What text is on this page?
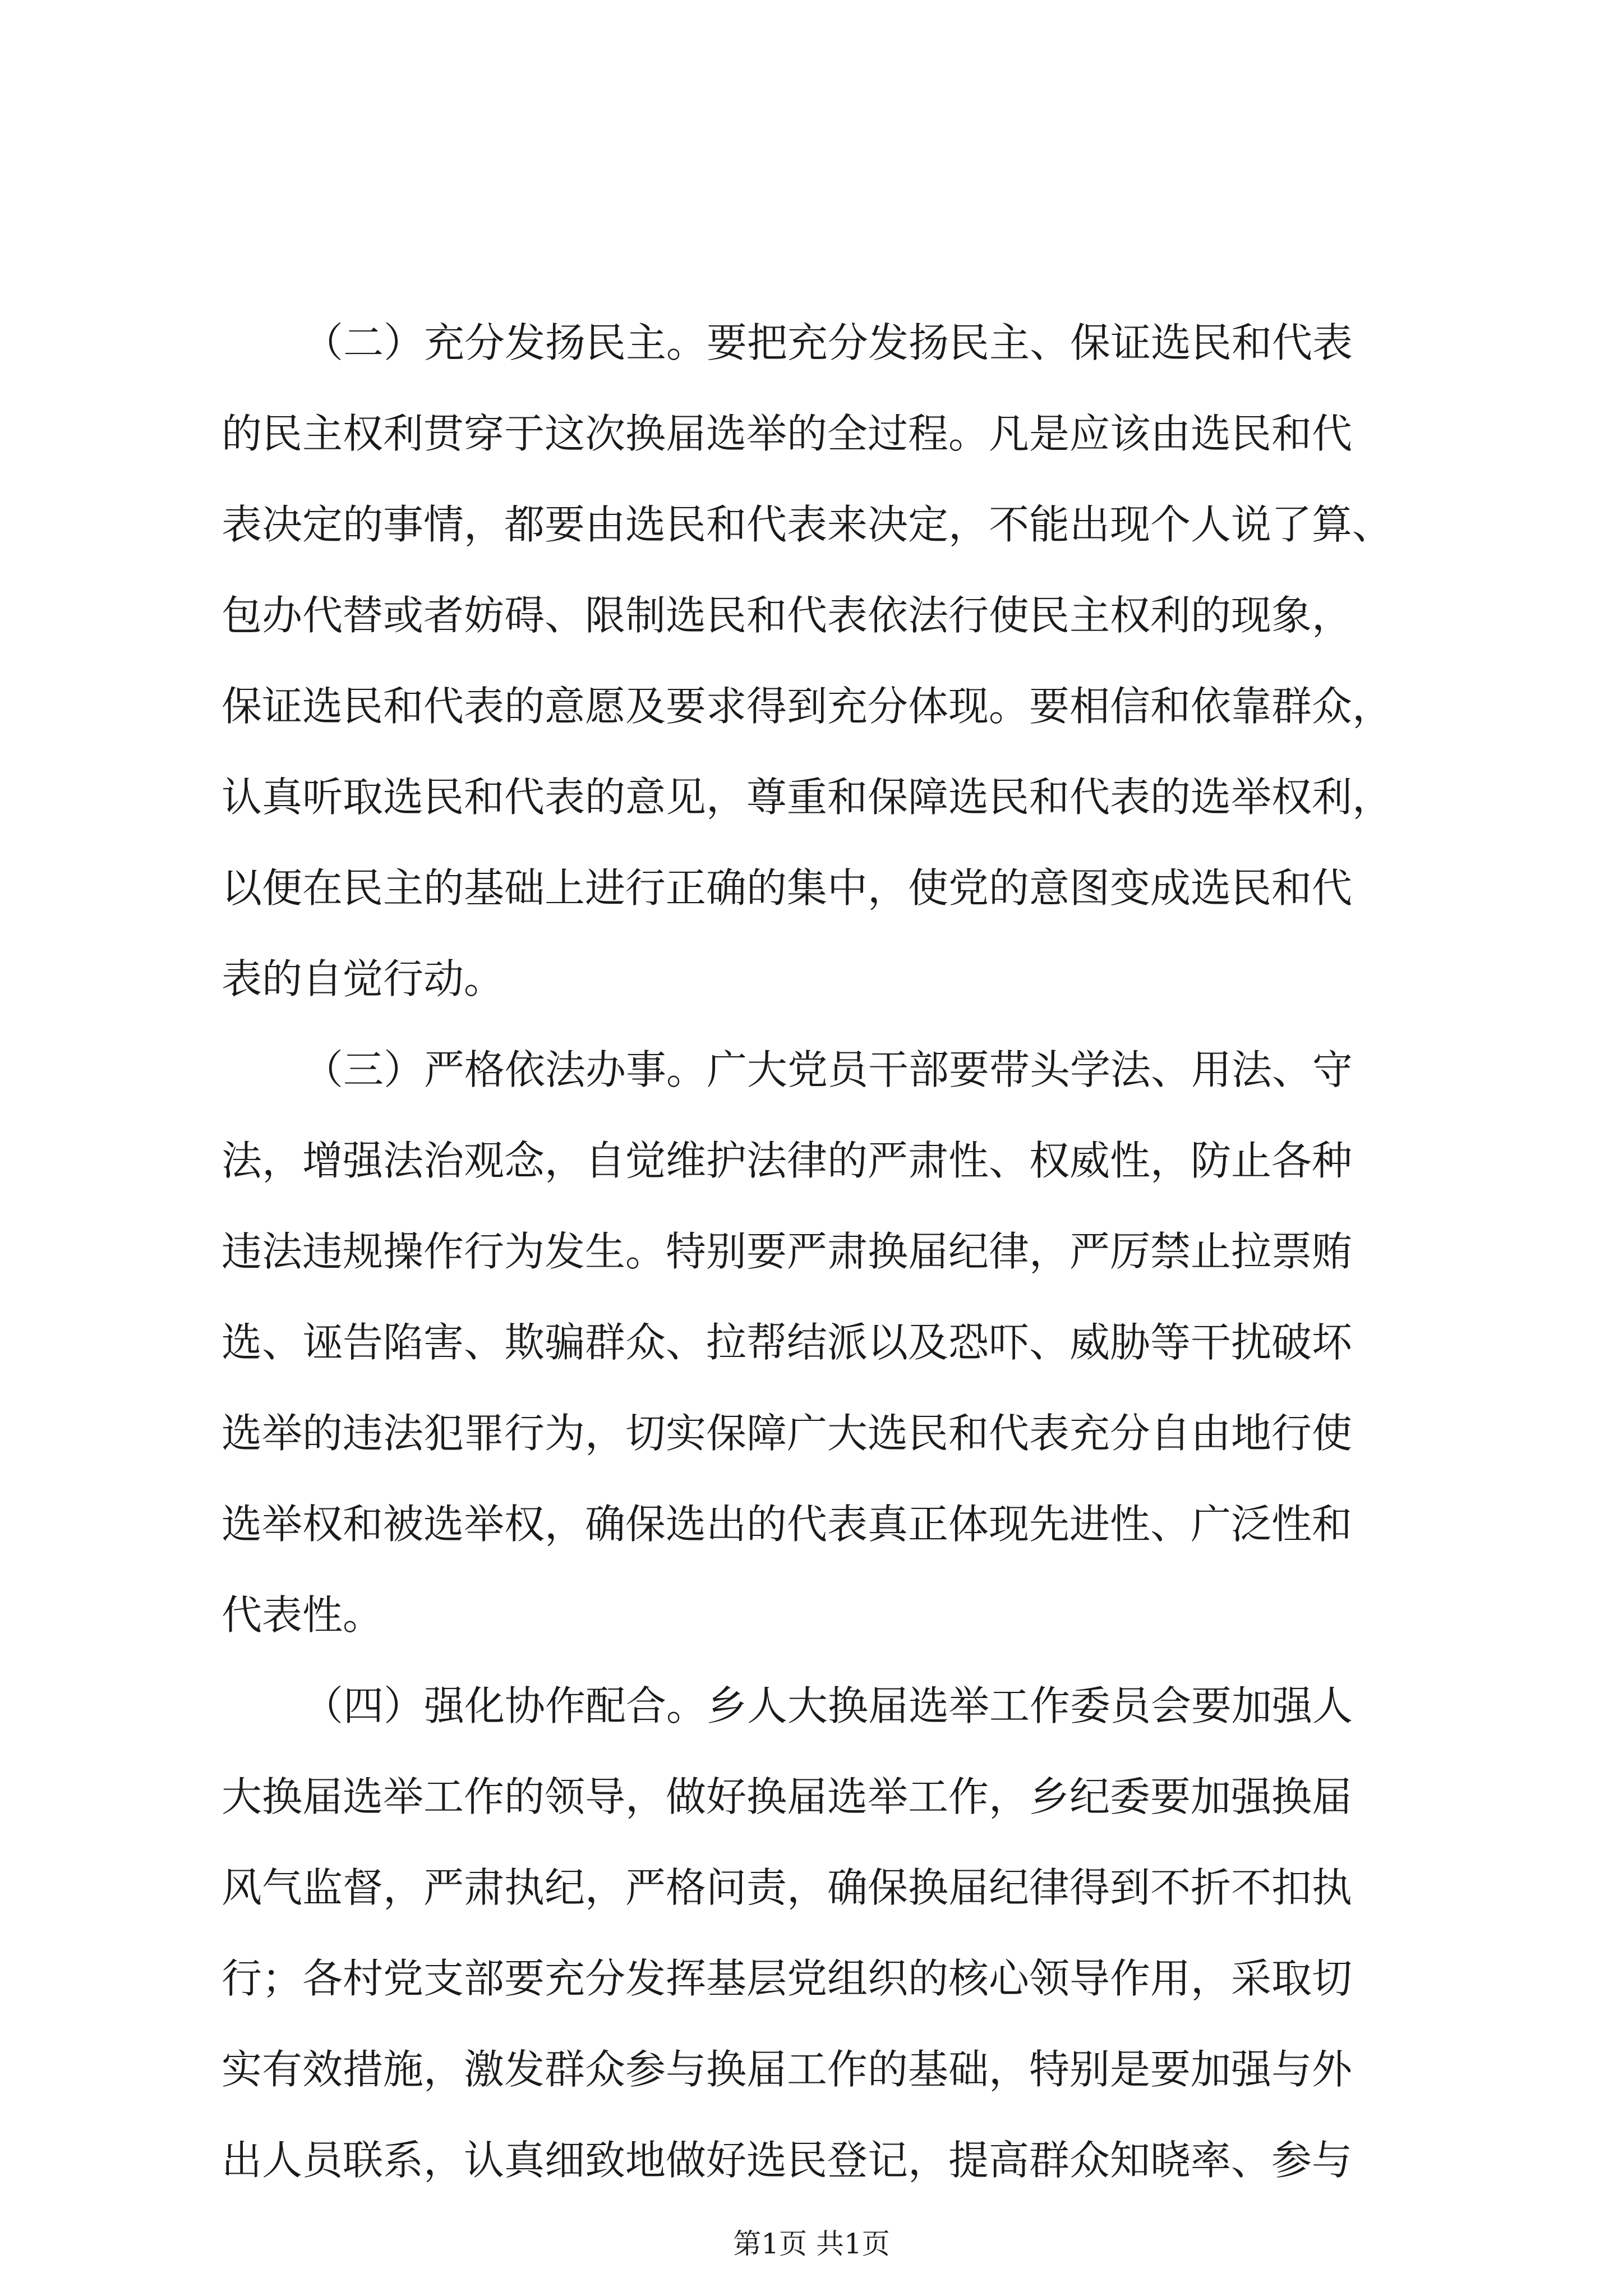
（二）充分发扬民主。要把充分发扬民主、保证选民和代表
的民主权利贯穿于这次换届选举的全过程。凡是应该由选民和代
表决定的事情，都要由选民和代表来决定，不能出现个人说了算、
包办代替或者妨碍、限制选民和代表依法行使民主权利的现象，
保证选民和代表的意愿及要求得到充分体现。要相信和依靠群众，
认真听取选民和代表的意见，尊重和保障选民和代表的选举权利，
以便在民主的基础上进行正确的集中，使党的意图变成选民和代
表的自觉行动。
（三）严格依法办事。广大党员干部要带头学法、用法、守
法，增强法治观念，自觉维护法律的严肃性、权威性，防止各种
违法违规操作行为发生。特别要严肃换届纪律，严厉禁止拉票贿
选、诬告陷害、欺骗群众、拉帮结派以及恐吓、威胁等干扰破坏
选举的违法犯罪行为，切实保障广大选民和代表充分自由地行使
选举权和被选举权，确保选出的代表真正体现先进性、广泛性和
代表性。
（四）强化协作配合。乡人大换届选举工作委员会要加强人
大换届选举工作的领导，做好换届选举工作，乡纪委要加强换届
风气监督，严肃执纪，严格问责，确保换届纪律得到不折不扣执
行；各村党支部要充分发挥基层党组织的核心领导作用，采取切
实有效措施，激发群众参与换届工作的基础，特别是要加强与外
出人员联系，认真细致地做好选民登记，提高群众知晓率、参与
第1页 共1页
